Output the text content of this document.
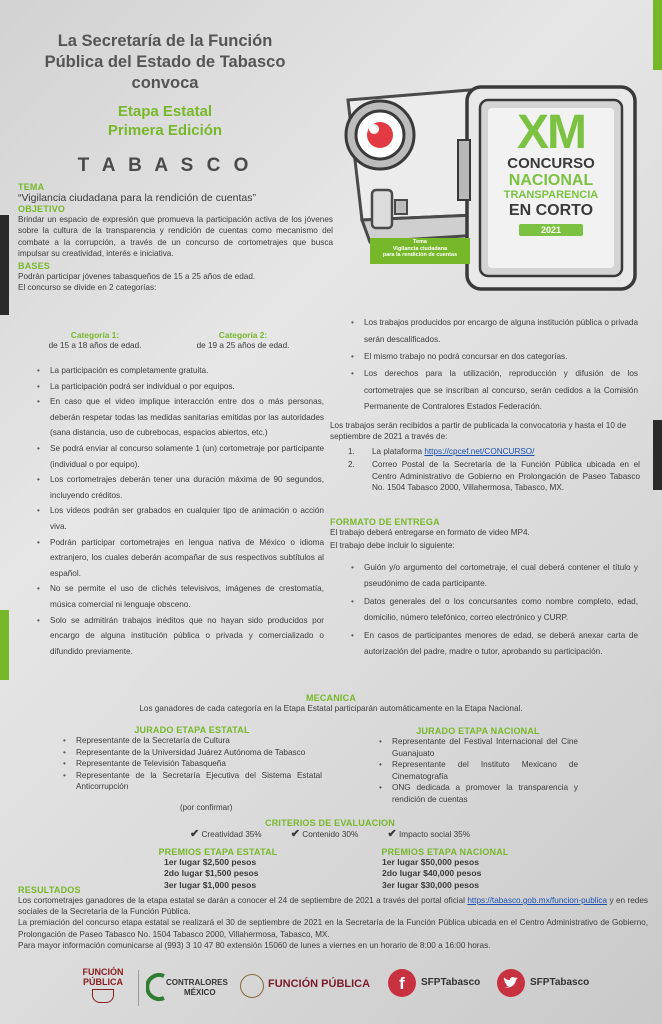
La Secretaría de la Función
Pública del Estado de Tabasco
convoca
Etapa Estatal
Primera Edición
T A B A S C O
XM
CONCURSO
NACIONAL
TRANSPARENCIA
EN CORTO
2021
Tema
Vigilancia ciudadana
para la rendición de cuentas
TEMA
“Vigilancia ciudadana para la rendición de cuentas”
OBJETIVO

Brindar un espacio de expresión que promueva la participación activa de los jóvenes sobre la cultura de la transparencia y rendición de cuentas como mecanismo del combate a la corrupción, a través de un concurso de cortometrajes que busca impulsar su creatividad, interés e iniciativa.

BASES

Podrán participar jóvenes tabasqueños de 15 a 25 años de edad.

El concurso se divide en 2 categorías:

Categoría 1:
de 15 a 18 años de edad.
Categoría 2:
de 19 a 25 años de edad.
• La participación es completamente gratuita.
• La participación podrá ser individual o por equipos.
• En caso que el video implique interacción entre dos o más personas, deberán respetar todas las medidas sanitarias emitidas por las autoridades (sana distancia, uso de cubrebocas, espacios abiertos, etc.)
• Se podrá enviar al concurso solamente 1 (un) cortometraje por participante (individual o por equipo).
• Los cortometrajes deberán tener una duración máxima de 90 segundos, incluyendo créditos.
• Los videos podrán ser grabados en cualquier tipo de animación o acción viva.
• Podrán participar cortometrajes en lengua nativa de México o idioma extranjero, los cuales deberán acompañar de sus respectivos subtítulos al español.
• No se permite el uso de clichés televisivos, imágenes de crestomatía, música comercial ni lenguaje obsceno.
• Solo se admitirán trabajos inéditos que no hayan sido producidos por encargo de alguna institución pública o privada y comercializado o difundido previamente.
• Los trabajos producidos por encargo de alguna institución pública o privada serán descalificados.
• El mismo trabajo no podrá concursar en dos categorías.
• Los derechos para la utilización, reproducción y difusión de los cortometrajes que se inscriban al concurso, serán cedidos a la Comisión Permanente de Contralores Estados Federación.

Los trabajos serán recibidos a partir de publicada la convocatoria y hasta el 10 de septiembre de 2021 a través de:

1.	La plataforma https://cpcef.net/CONCURSO/
2.	Correo Postal de la Secretaría de la Función Pública ubicada en el Centro Administrativo de Gobierno en Prolongación de Paseo Tabasco No. 1504 Tabasco 2000, Villahermosa, Tabasco, MX.
FORMATO DE ENTREGA

El trabajo deberá entregarse en formato de video MP4.

El trabajo debe incluir lo siguiente:

• Guión y/o argumento del cortometraje, el cual deberá contener el título y pseudónimo de cada participante.
• Datos generales del o los concursantes como nombre completo, edad, domicilio, número telefónico, correo electrónico y CURP.
• En casos de participantes menores de edad, se deberá anexar carta de autorización del padre, madre o tutor, aprobando su participación.
MECANICA

Los ganadores de cada categoría en la Etapa Estatal participarán automáticamente en la Etapa Nacional.

JURADO ETAPA ESTATAL
• Representante de la Secretaría de Cultura
• Representante de la Universidad Juárez Autónoma de Tabasco
• Representante de Televisión Tabasqueña
• Representante de la Secretaría Ejecutiva del Sistema Estatal Anticorrupción
(por confirmar)
JURADO ETAPA NACIONAL
• Representante del Festival Internacional del Cine Guanajuato
• Representante del Instituto Mexicano de Cinematografía
• ONG dedicada a promover la transparencia y rendición de cuentas
CRITERIOS DE EVALUACION
✔ Creatividad 35%	✔ Contenido 30%	✔ Impacto social 35%
PREMIOS ETAPA ESTATAL
1er lugar $2,500 pesos
2do lugar $1,500 pesos
3er lugar $1,000 pesos
PREMIOS ETAPA NACIONAL
1er lugar $50,000 pesos
2do lugar $40,000 pesos
3er lugar $30,000 pesos
RESULTADOS

Los cortometrajes ganadores de la etapa estatal se darán a conocer el 24 de septiembre de 2021 a través del portal oficial https://tabasco.gob.mx/funcion-publica y en redes sociales de la Secretaría de la Función Pública.

La premiación del concurso etapa estatal se realizará el 30 de septiembre de 2021 en la Secretaría de la Función Pública ubicada en el Centro Administrativo de Gobierno, Prolongación de Paseo Tabasco No. 1504 Tabasco 2000, Villahermosa, Tabasco, MX.

Para mayor información comunicarse al (993) 3 10 47 80 extensión 15060 de lunes a viernes en un horario de 8:00 a 16:00 horas.

FUNCIÓN
PÚBLICA	CONTRALORES
MÉXICO
FUNCIÓN PÚBLICA	f	SFPTabasco	SFPTabasco
